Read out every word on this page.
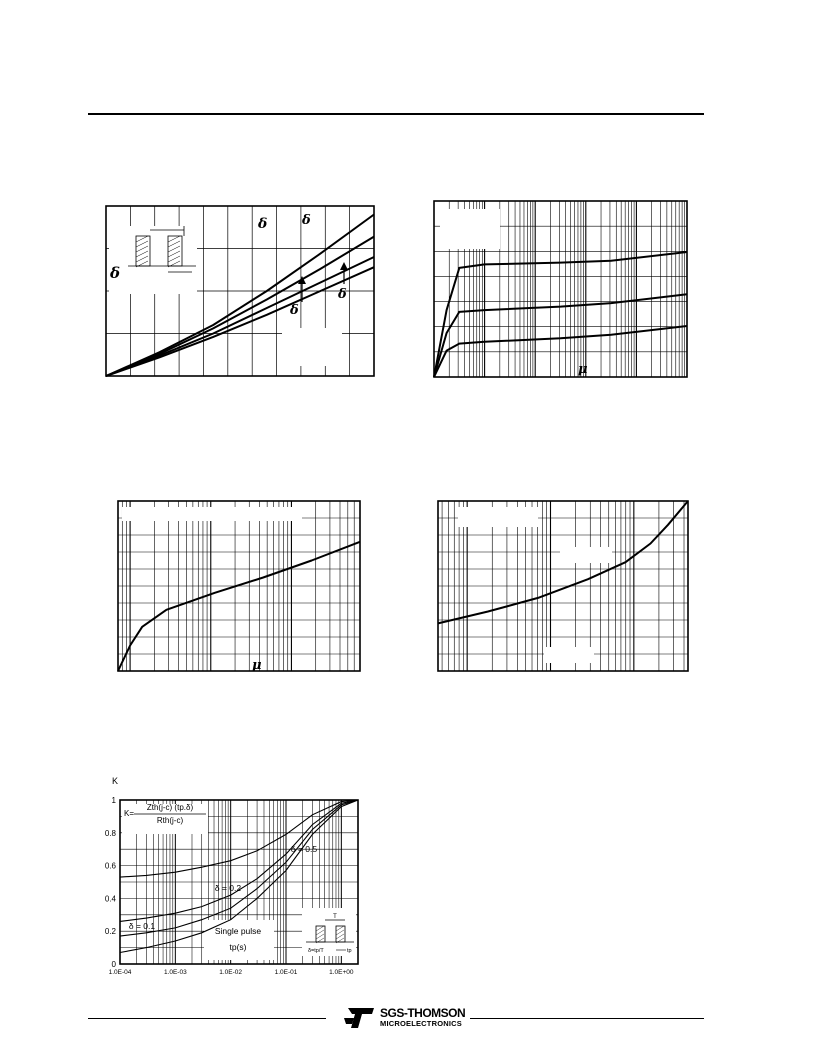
δ
δ	δ
δ
δ
μ
μ
0
0.2
0.4
0.6
0.8
1
1.0E-04	1.0E-03	1.0E-02	1.0E-01	1.0E+00
K
K=
Zth(j-c) (tp.δ)
Rth(j-c)
δ = 0.5
δ = 0.2
δ = 0.1	Single pulse
tp(s)
T
δ=tp/T	tp
SGS-THOMSON
MICROELECTRONICS
